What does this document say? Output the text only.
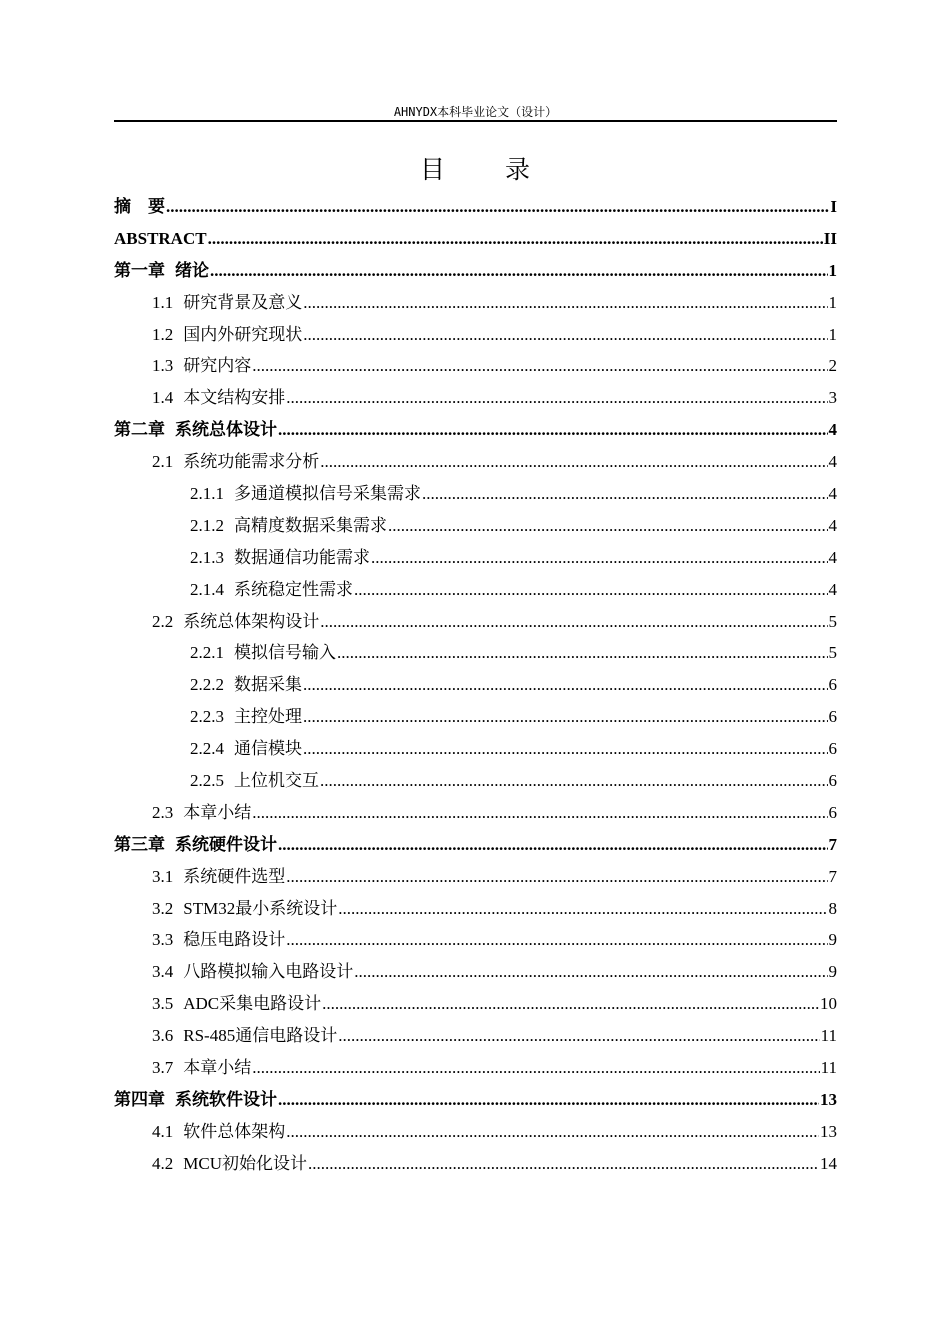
AHNYDX本科毕业论文（设计）
目 录
摘　要 .....	I
ABSTRACT .....	II
第一章 绪论 .....	1
1.1 研究背景及意义 .....	1
1.2 国内外研究现状 .....	1
1.3 研究内容 .....	2
1.4 本文结构安排 .....	3
第二章 系统总体设计 .....	4
2.1 系统功能需求分析 .....	4
2.1.1 多通道模拟信号采集需求 .....	4
2.1.2 高精度数据采集需求 .....	4
2.1.3 数据通信功能需求 .....	4
2.1.4 系统稳定性需求 .....	4
2.2 系统总体架构设计 .....	5
2.2.1 模拟信号输入 .....	5
2.2.2 数据采集 .....	6
2.2.3 主控处理 .....	6
2.2.4 通信模块 .....	6
2.2.5 上位机交互 .....	6
2.3 本章小结 .....	6
第三章 系统硬件设计 .....	7
3.1 系统硬件选型 .....	7
3.2 STM32最小系统设计 .....	8
3.3 稳压电路设计 .....	9
3.4 八路模拟输入电路设计 .....	9
3.5 ADC采集电路设计 .....	10
3.6 RS-485通信电路设计 .....	11
3.7 本章小结 .....	11
第四章 系统软件设计 .....	13
4.1 软件总体架构 .....	13
4.2 MCU初始化设计 .....	14
